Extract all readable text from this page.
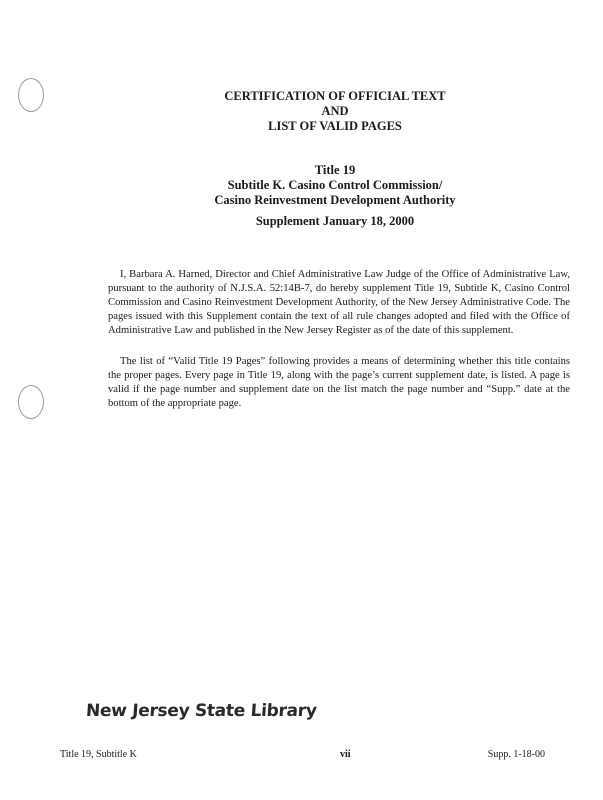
CERTIFICATION OF OFFICIAL TEXT
AND
LIST OF VALID PAGES
Title 19
Subtitle K. Casino Control Commission/
Casino Reinvestment Development Authority
Supplement January 18, 2000

I, Barbara A. Harned, Director and Chief Administrative Law Judge of the Office of Administrative Law, pursuant to the authority of N.J.S.A. 52:14B-7, do hereby supplement Title 19, Subtitle K, Casino Control Commission and Casino Reinvestment Development Authority, of the New Jersey Administrative Code. The pages issued with this Supplement contain the text of all rule changes adopted and filed with the Office of Administrative Law and published in the New Jersey Register as of the date of this supplement.

The list of “Valid Title 19 Pages” following provides a means of determining whether this title contains the proper pages. Every page in Title 19, along with the page’s current supplement date, is listed. A page is valid if the page number and supplement date on the list match the page number and “Supp.” date at the bottom of the appropriate page.

New Jersey State Library
Title 19, Subtitle K	vii	Supp. 1-18-00
